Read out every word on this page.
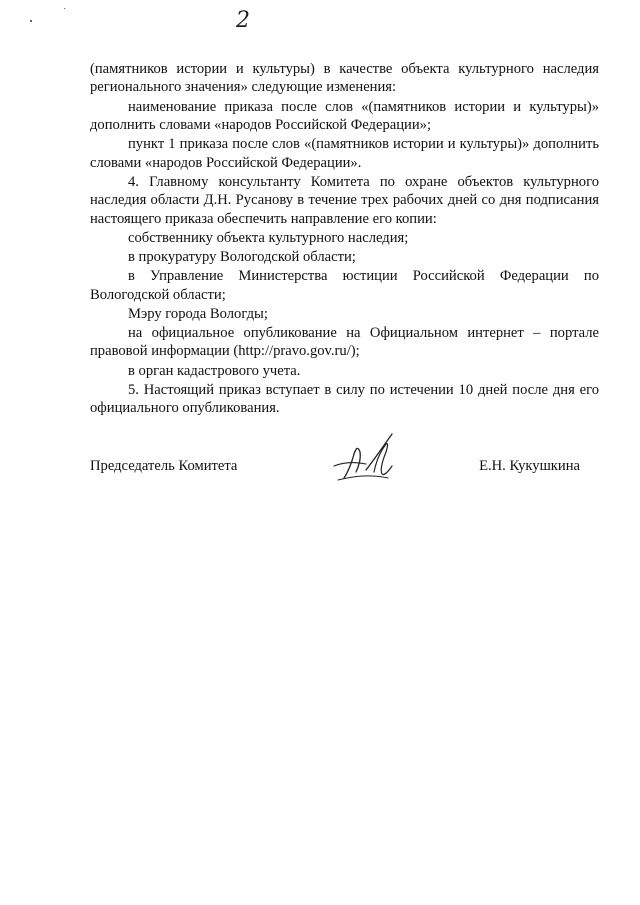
2

(памятников истории и культуры) в качестве объекта культурного наследия регионального значения» следующие изменения:

наименование приказа после слов «(памятников истории и культуры)» дополнить словами «народов Российской Федерации»;

пункт 1 приказа после слов «(памятников истории и культуры)» дополнить словами «народов Российской Федерации».

4. Главному консультанту Комитета по охране объектов культурного наследия области Д.Н. Русанову в течение трех рабочих дней со дня подписания настоящего приказа обеспечить направление его копии:

собственнику объекта культурного наследия;

в прокуратуру Вологодской области;

в Управление Министерства юстиции Российской Федерации по Вологодской области;

Мэру города Вологды;

на официальное опубликование на Официальном интернет – портале правовой информации (http://pravo.gov.ru/);

в орган кадастрового учета.

5. Настоящий приказ вступает в силу по истечении 10 дней после дня его официального опубликования.

Председатель Комитета	Е.Н. Кукушкина
